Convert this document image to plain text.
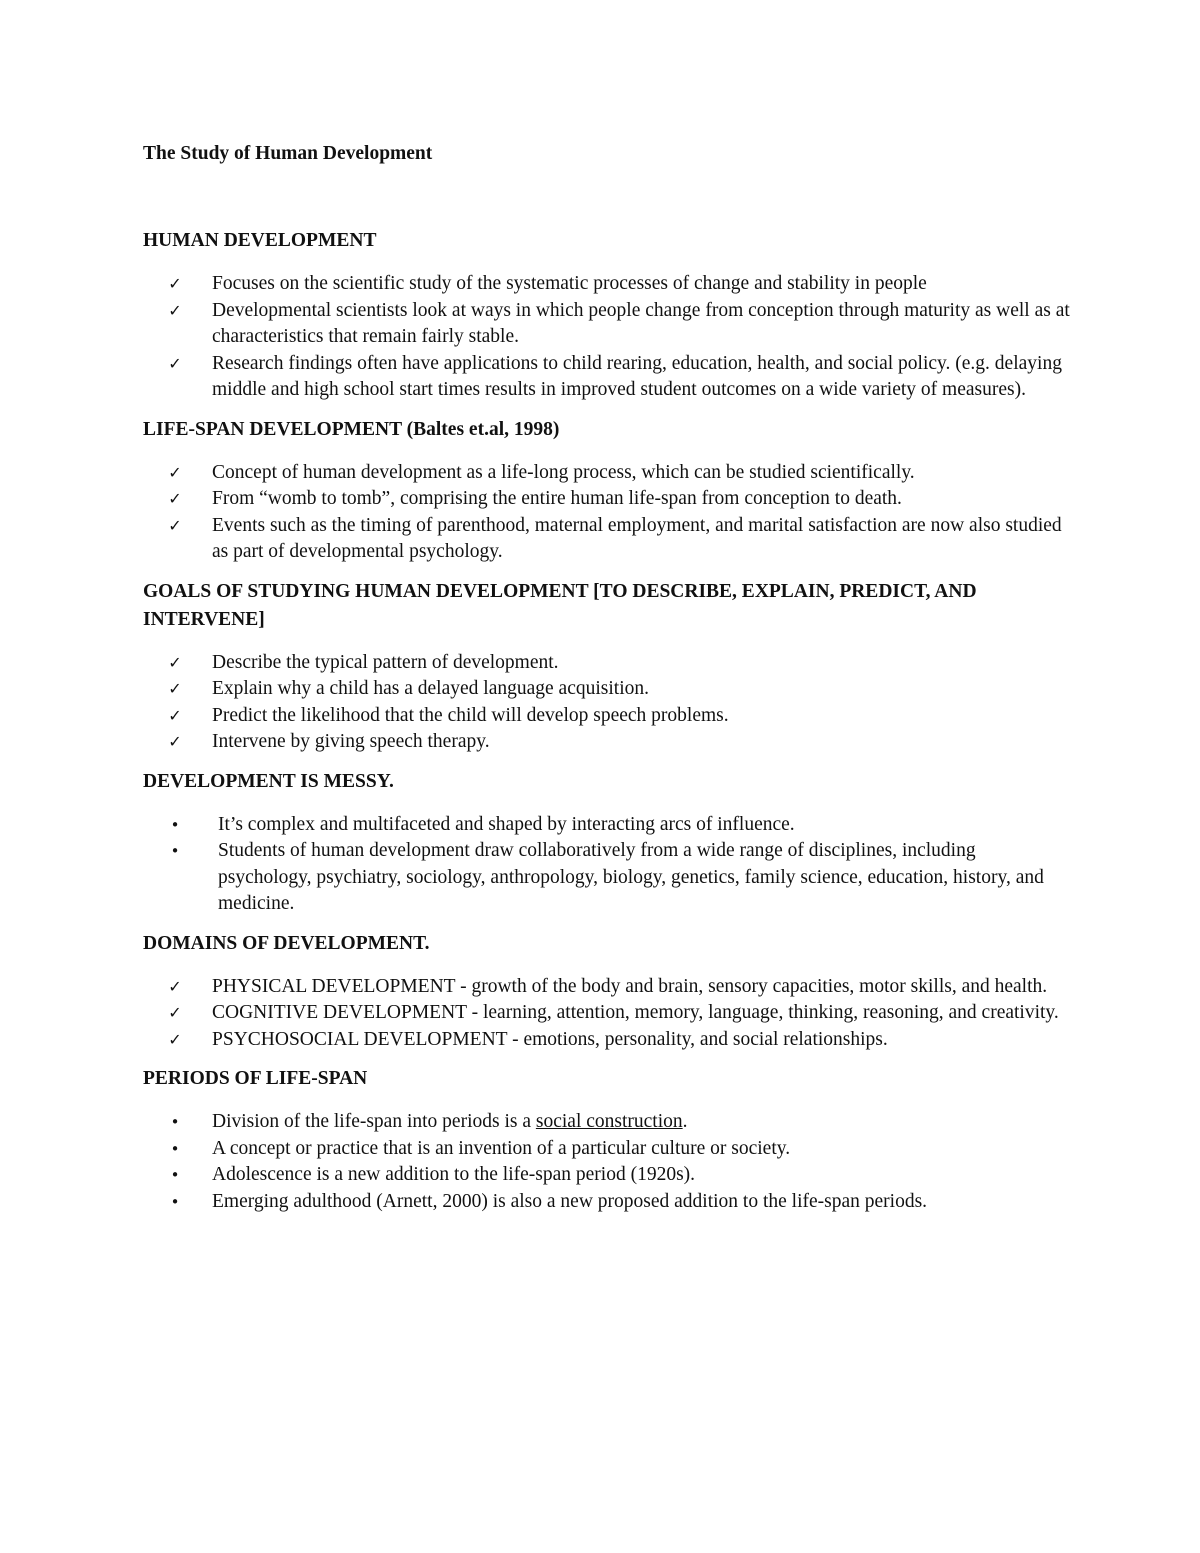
The Study of Human Development
HUMAN DEVELOPMENT
✓ Focuses on the scientific study of the systematic processes of change and stability in people
✓ Developmental scientists look at ways in which people change from conception through maturity as well as at characteristics that remain fairly stable.
✓ Research findings often have applications to child rearing, education, health, and social policy. (e.g. delaying middle and high school start times results in improved student outcomes on a wide variety of measures).
LIFE-SPAN DEVELOPMENT (Baltes et.al, 1998)
✓ Concept of human development as a life-long process, which can be studied scientifically.
✓ From “womb to tomb”, comprising the entire human life-span from conception to death.
✓ Events such as the timing of parenthood, maternal employment, and marital satisfaction are now also studied as part of developmental psychology.
GOALS OF STUDYING HUMAN DEVELOPMENT [TO DESCRIBE, EXPLAIN, PREDICT, AND INTERVENE]
✓ Describe the typical pattern of development.
✓ Explain why a child has a delayed language acquisition.
✓ Predict the likelihood that the child will develop speech problems.
✓ Intervene by giving speech therapy.
DEVELOPMENT IS MESSY.
•	It’s complex and multifaceted and shaped by interacting arcs of influence.
•	Students of human development draw collaboratively from a wide range of disciplines, including psychology, psychiatry, sociology, anthropology, biology, genetics, family science, education, history, and medicine.
DOMAINS OF DEVELOPMENT.
✓ PHYSICAL DEVELOPMENT - growth of the body and brain, sensory capacities, motor skills, and health.
✓ COGNITIVE DEVELOPMENT - learning, attention, memory, language, thinking, reasoning, and creativity.
✓ PSYCHOSOCIAL DEVELOPMENT - emotions, personality, and social relationships.
PERIODS OF LIFE-SPAN
•	Division of the life-span into periods is a social construction.
•	A concept or practice that is an invention of a particular culture or society.
•	Adolescence is a new addition to the life-span period (1920s).
•	Emerging adulthood (Arnett, 2000) is also a new proposed addition to the life-span periods.
